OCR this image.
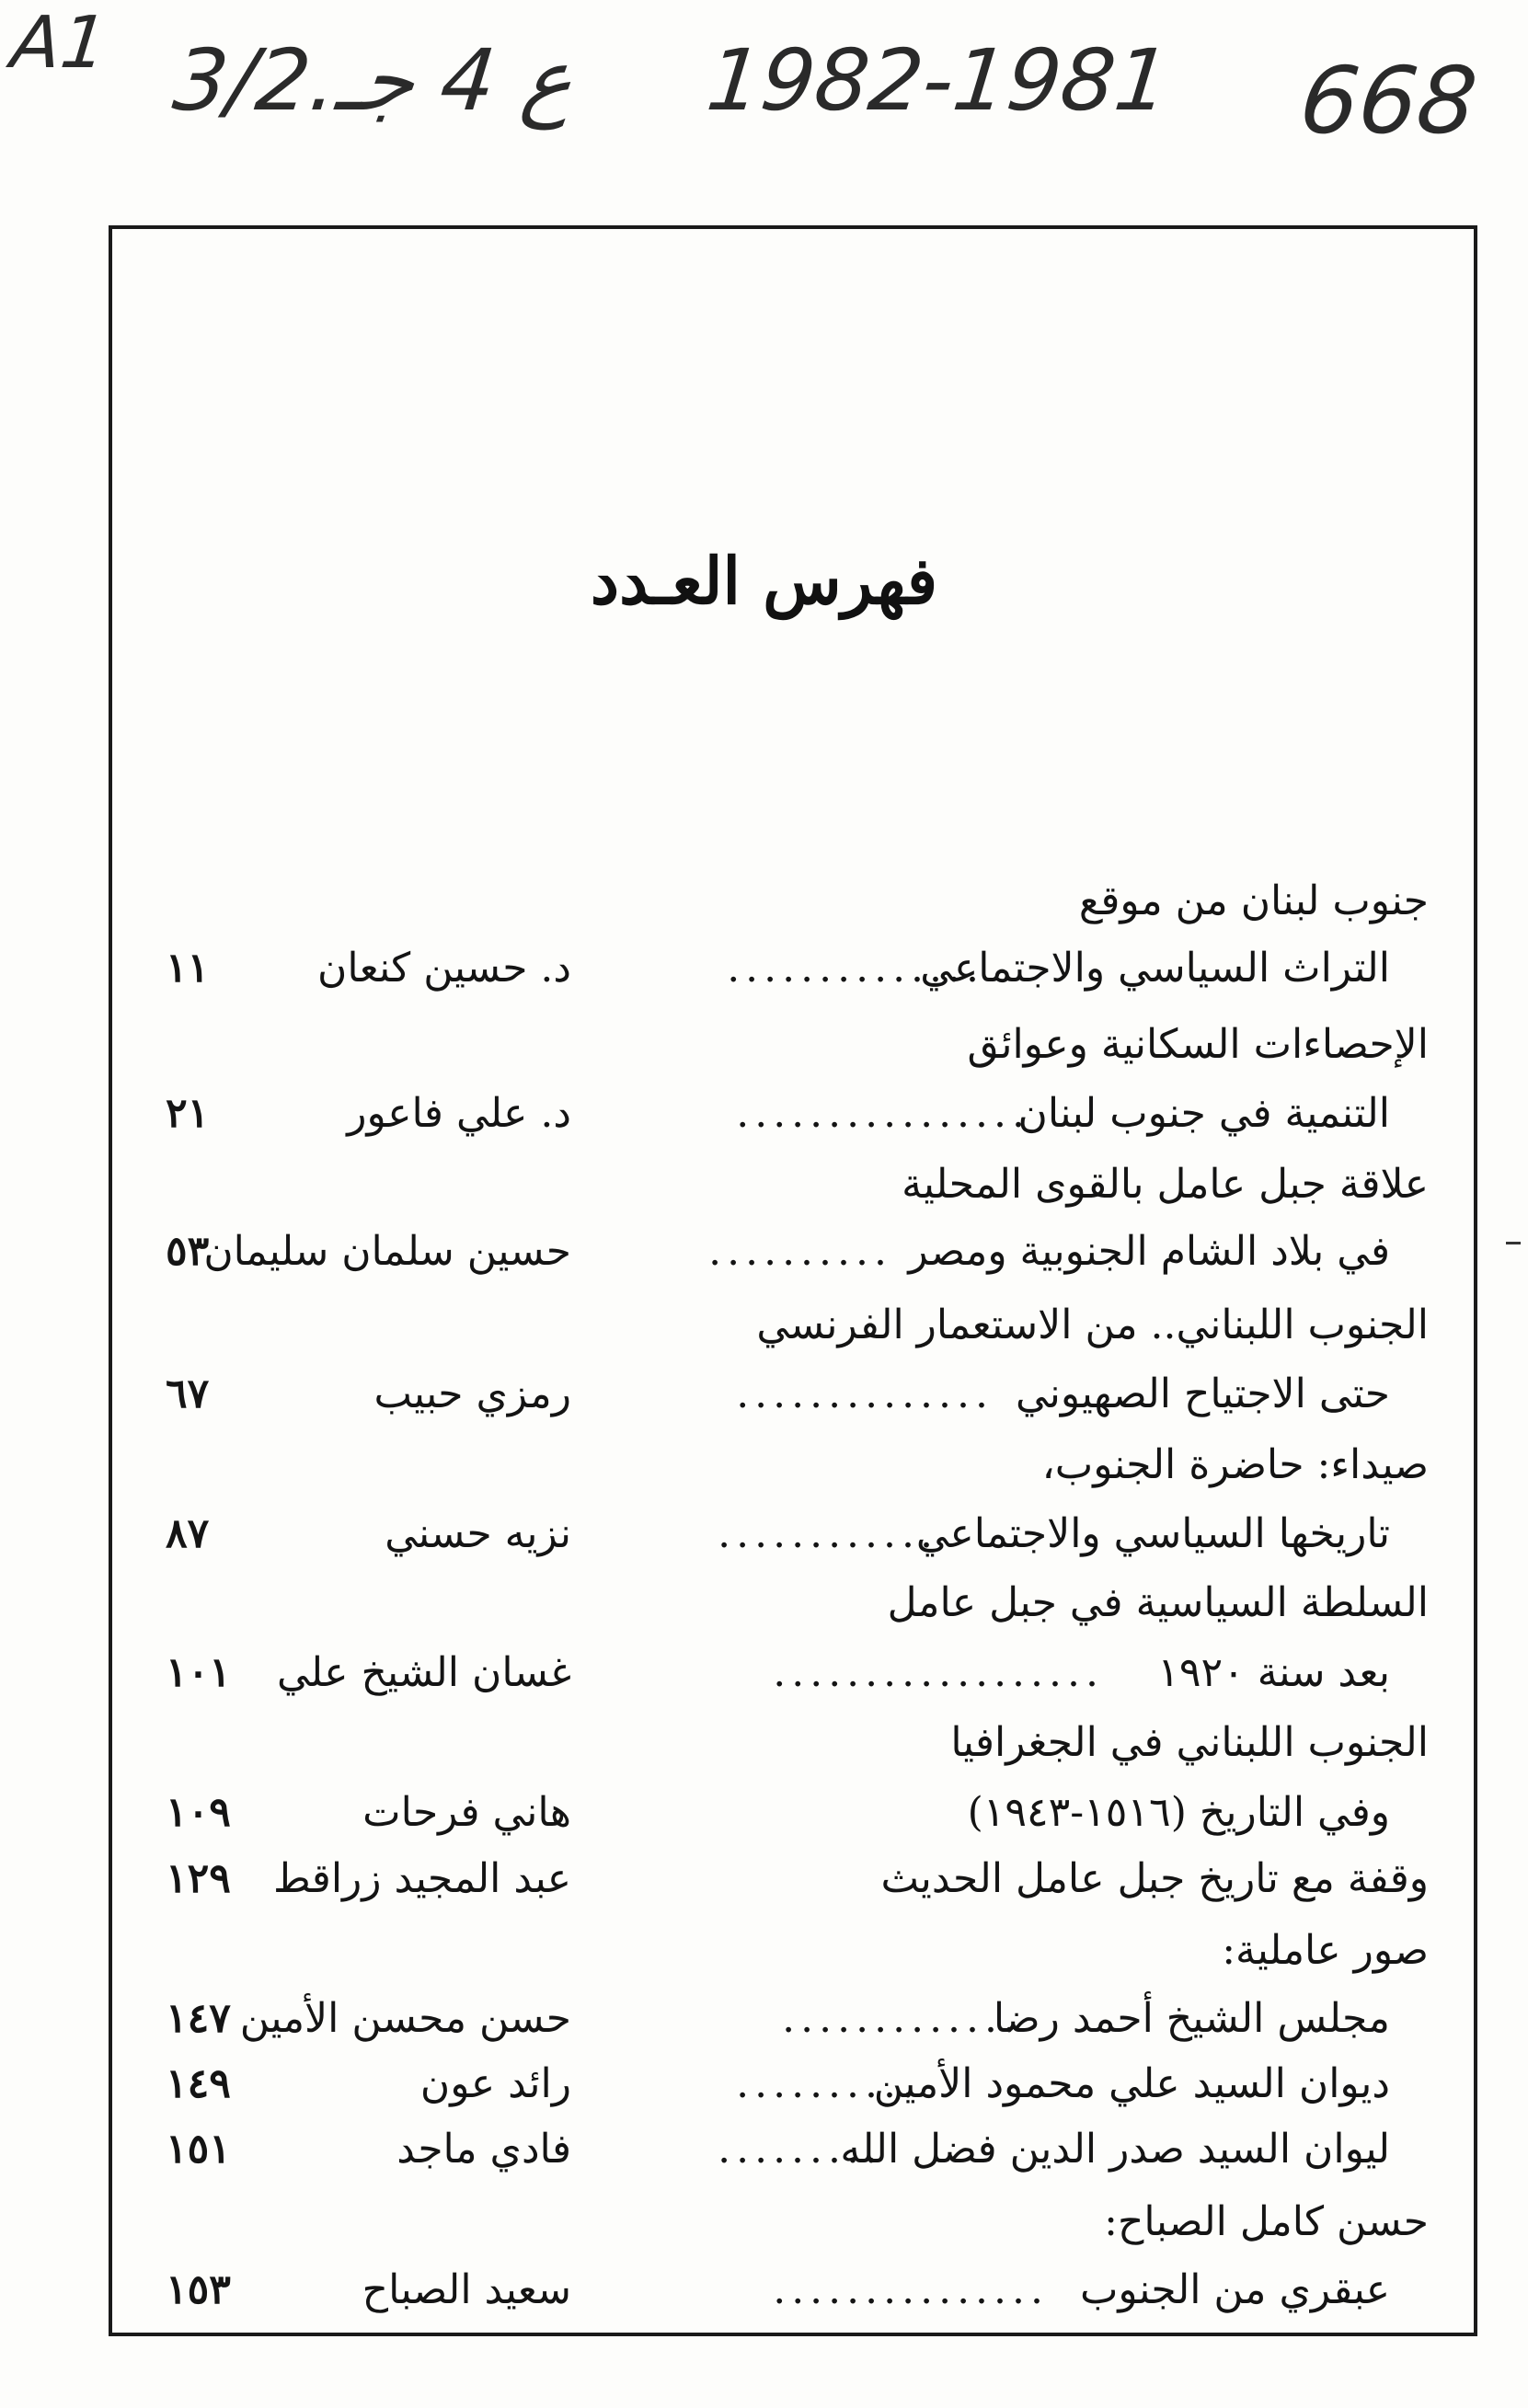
A1 3/2.ع 4 جـ 1982-1981 668
فهرس العـدد
جنوب لبنان من موقع
التراث السياسي والاجتماعي
..............
د. حسين كنعان
١١
الإحصاءات السكانية وعوائق
التنمية في جنوب لبنان
................
د. علي فاعور
٢١
علاقة جبل عامل بالقوى المحلية
في بلاد الشام الجنوبية ومصر
..........
حسين سلمان سليمان
٥٣
الجنوب اللبناني.. من الاستعمار الفرنسي
حتى الاجتياح الصهيوني
..............
رمزي حبيب
٦٧
صيداء: حاضرة الجنوب،
تاريخها السياسي والاجتماعي
............
نزيه حسني
٨٧
السلطة السياسية في جبل عامل
بعد سنة ١٩٢٠
..................
غسان الشيخ علي
١٠١
الجنوب اللبناني في الجغرافيا
وفي التاريخ (١٥١٦-١٩٤٣)
هاني فرحات
١٠٩
وقفة مع تاريخ جبل عامل الحديث
عبد المجيد زراقط
١٢٩
صور عاملية:
مجلس الشيخ أحمد رضا
.............
حسن محسن الأمين
١٤٧
ديوان السيد علي محمود الأمين
..........
رائد عون
١٤٩
ليوان السيد صدر الدين فضل الله
.........
فادي ماجد
١٥١
حسن كامل الصباح:
عبقري من الجنوب
...............
سعيد الصباح
١٥٣
